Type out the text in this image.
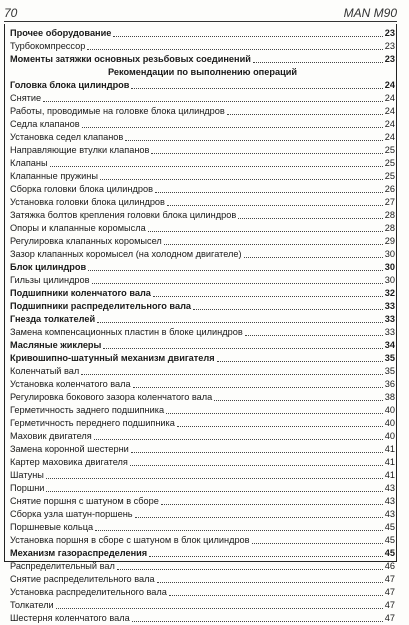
70	MAN M90
Прочее оборудование	23
Турбокомпрессор	23
Моменты затяжки основных резьбовых соединений	23
Рекомендации по выполнению операций
Головка блока цилиндров	24
Снятие	24
Работы, проводимые на головке блока цилиндров	24
Седла клапанов	24
Установка седел клапанов	24
Направляющие втулки клапанов	25
Клапаны	25
Клапанные пружины	25
Сборка головки блока цилиндров	26
Установка головки блока цилиндров	27
Затяжка болтов крепления головки блока цилиндров	28
Опоры и клапанные коромысла	28
Регулировка клапанных коромысел	29
Зазор клапанных коромысел (на холодном двигателе)	30
Блок цилиндров	30
Гильзы цилиндров	30
Подшипники коленчатого вала	32
Подшипники распределительного вала	33
Гнезда толкателей	33
Замена компенсационных пластин в блоке цилиндров	33
Масляные жиклеры	34
Кривошипно-шатунный механизм двигателя	35
Коленчатый вал	35
Установка коленчатого вала	36
Регулировка бокового зазора коленчатого вала	38
Герметичность заднего подшипника	40
Герметичность переднего подшипника	40
Маховик двигателя	40
Замена коронной шестерни	41
Картер маховика двигателя	41
Шатуны	41
Поршни	43
Снятие поршня с шатуном в сборе	43
Сборка узла шатун-поршень	43
Поршневые кольца	45
Установка поршня в сборе с шатуном в блок цилиндров	45
Механизм газораспределения	45
Распределительный вал	46
Снятие распределительного вала	47
Установка распределительного вала	47
Толкатели	47
Шестерня коленчатого вала	47
